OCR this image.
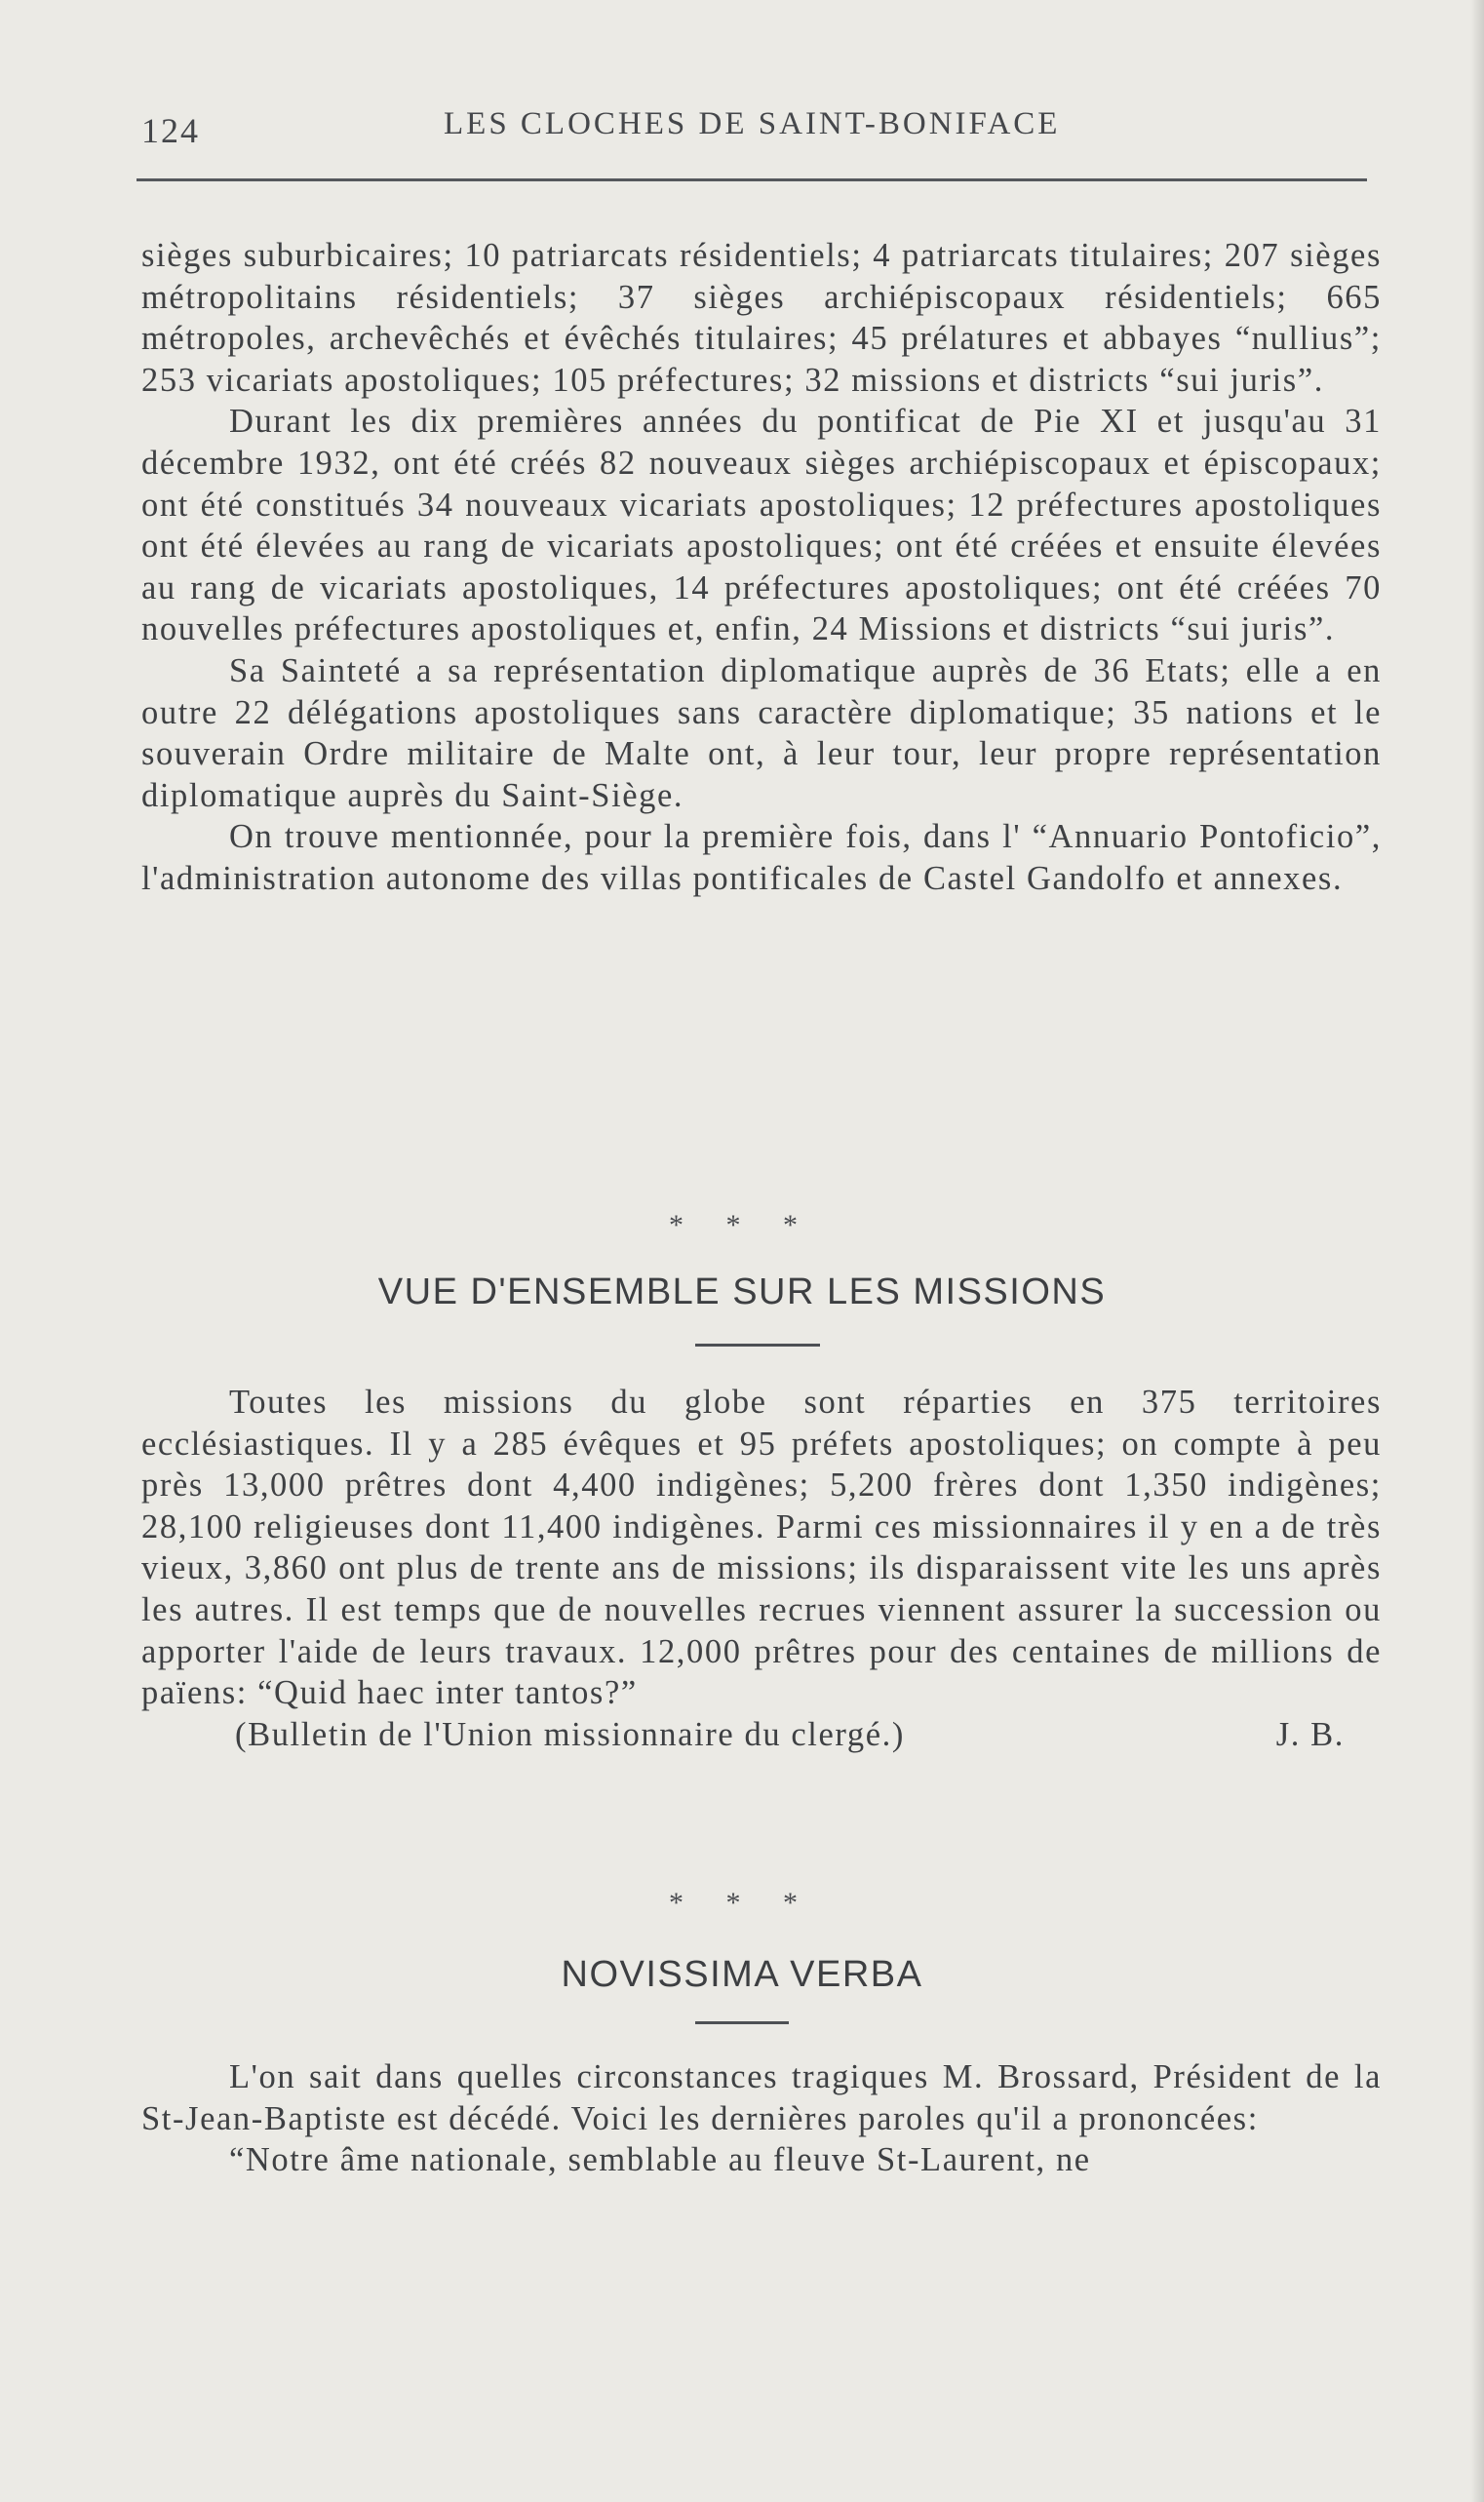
124	LES CLOCHES DE SAINT-BONIFACE

sièges suburbicaires; 10 patriarcats résidentiels; 4 patriarcats titulaires; 207 sièges métropolitains résidentiels; 37 sièges archiépiscopaux résidentiels; 665 métropoles, archevêchés et évêchés titulaires; 45 prélatures et abbayes “nullius”; 253 vicariats apostoliques; 105 préfectures; 32 missions et districts “sui juris”.

Durant les dix premières années du pontificat de Pie XI et jusqu'au 31 décembre 1932, ont été créés 82 nouveaux sièges archiépiscopaux et épiscopaux; ont été constitués 34 nouveaux vicariats apostoliques; 12 préfectures apostoliques ont été élevées au rang de vicariats apostoliques; ont été créées et ensuite élevées au rang de vicariats apostoliques, 14 préfectures apostoliques; ont été créées 70 nouvelles préfectures apostoliques et, enfin, 24 Missions et districts “sui juris”.

Sa Sainteté a sa représentation diplomatique auprès de 36 Etats; elle a en outre 22 délégations apostoliques sans caractère diplomatique; 35 nations et le souverain Ordre militaire de Malte ont, à leur tour, leur propre représentation diplomatique auprès du Saint-Siège.

On trouve mentionnée, pour la première fois, dans l' “Annuario Pontoficio”, l'administration autonome des villas pontificales de Castel Gandolfo et annexes.

* * *
VUE D'ENSEMBLE SUR LES MISSIONS

Toutes les missions du globe sont réparties en 375 territoires ecclésiastiques. Il y a 285 évêques et 95 préfets apostoliques; on compte à peu près 13,000 prêtres dont 4,400 indigènes; 5,200 frères dont 1,350 indigènes; 28,100 religieuses dont 11,400 indigènes. Parmi ces missionnaires il y en a de très vieux, 3,860 ont plus de trente ans de missions; ils disparaissent vite les uns après les autres. Il est temps que de nouvelles recrues viennent assurer la succession ou apporter l'aide de leurs travaux. 12,000 prêtres pour des centaines de millions de païens: “Quid haec inter tantos?”

(Bulletin de l'Union missionnaire du clergé.)	J. B.
* * *
NOVISSIMA VERBA

L'on sait dans quelles circonstances tragiques M. Brossard, Président de la St-Jean-Baptiste est décédé. Voici les dernières paroles qu'il a prononcées:

“Notre âme nationale, semblable au fleuve St-Laurent, ne
